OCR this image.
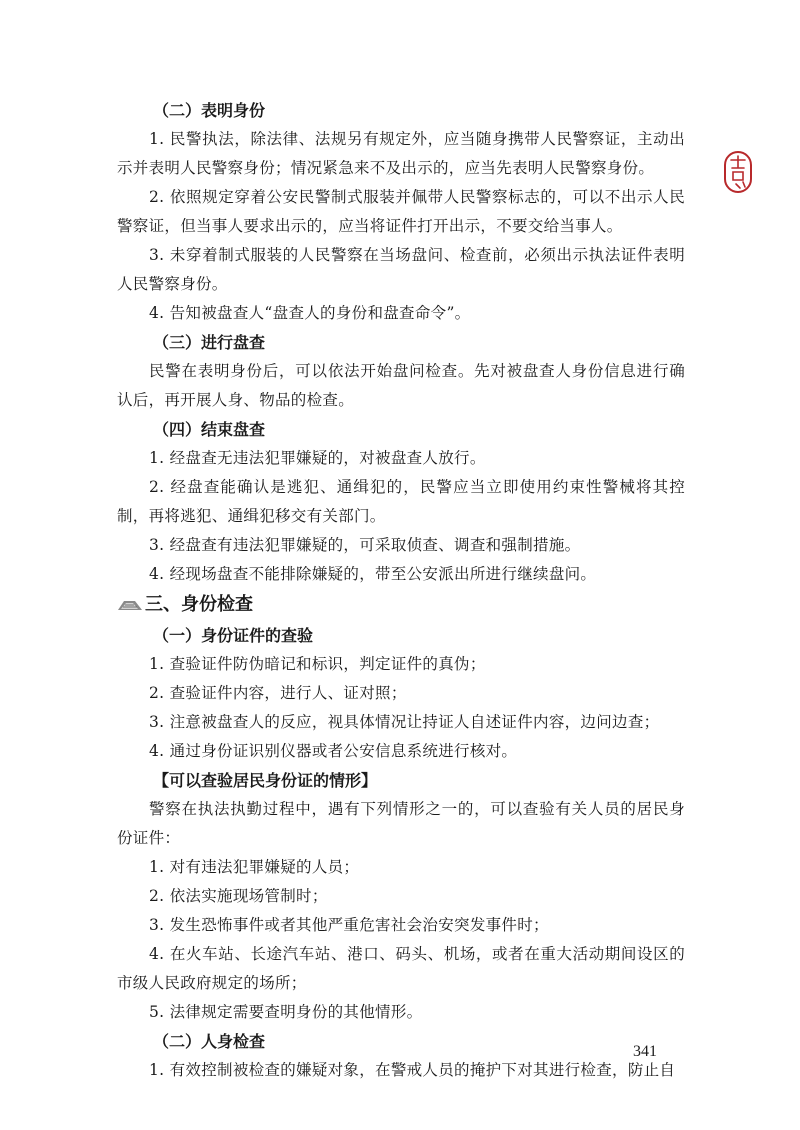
（二）表明身份
1. 民警执法，除法律、法规另有规定外，应当随身携带人民警察证，主动出示并表明人民警察身份；情况紧急来不及出示的，应当先表明人民警察身份。
2. 依照规定穿着公安民警制式服装并佩带人民警察标志的，可以不出示人民警察证，但当事人要求出示的，应当将证件打开出示，不要交给当事人。
3. 未穿着制式服装的人民警察在当场盘问、检查前，必须出示执法证件表明人民警察身份。
4. 告知被盘查人“盘查人的身份和盘查命令”。
（三）进行盘查
民警在表明身份后，可以依法开始盘问检查。先对被盘查人身份信息进行确认后，再开展人身、物品的检查。
（四）结束盘查
1. 经盘查无违法犯罪嫌疑的，对被盘查人放行。
2. 经盘查能确认是逃犯、通缉犯的，民警应当立即使用约束性警械将其控制，再将逃犯、通缉犯移交有关部门。
3. 经盘查有违法犯罪嫌疑的，可采取侦查、调查和强制措施。
4. 经现场盘查不能排除嫌疑的，带至公安派出所进行继续盘问。
三、身份检查
（一）身份证件的查验
1. 查验证件防伪暗记和标识，判定证件的真伪；
2. 查验证件内容，进行人、证对照；
3. 注意被盘查人的反应，视具体情况让持证人自述证件内容，边问边查；
4. 通过身份证识别仪器或者公安信息系统进行核对。
【可以查验居民身份证的情形】
警察在执法执勤过程中，遇有下列情形之一的，可以查验有关人员的居民身份证件：
1. 对有违法犯罪嫌疑的人员；
2. 依法实施现场管制时；
3. 发生恐怖事件或者其他严重危害社会治安突发事件时；
4. 在火车站、长途汽车站、港口、码头、机场，或者在重大活动期间设区的市级人民政府规定的场所；
5. 法律规定需要查明身份的其他情形。
（二）人身检查
1. 有效控制被检查的嫌疑对象，在警戒人员的掩护下对其进行检查，防止自
341
